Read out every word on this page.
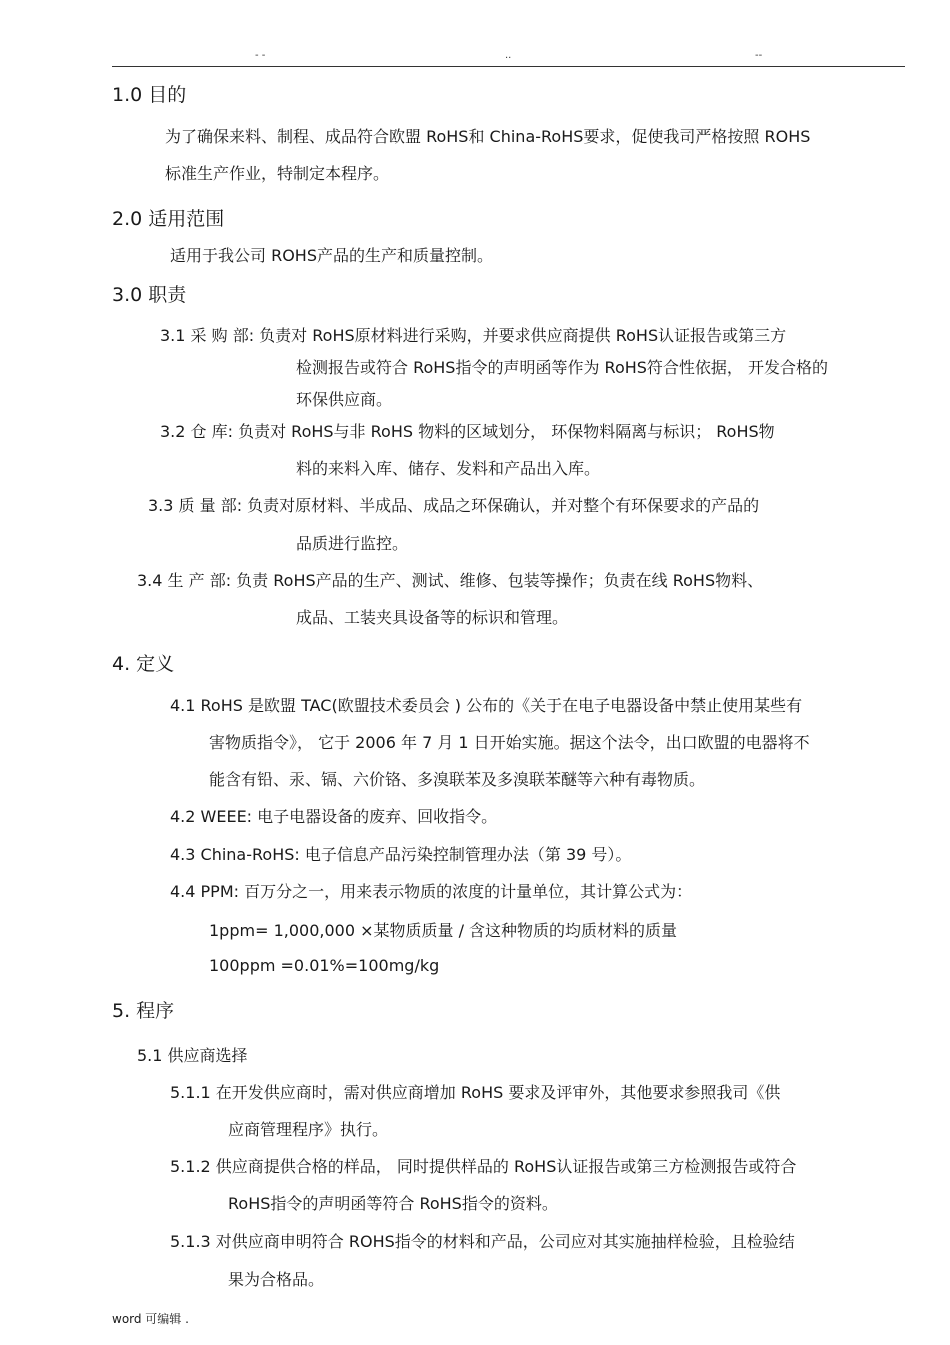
- -	..	--
1.0 目的
为了确保来料、制程、成品符合欧盟 RoHS和 China-RoHS要求，促使我司严格按照 ROHS
标准生产作业，特制定本程序。
2.0 适用范围
适用于我公司 ROHS产品的生产和质量控制。
3.0 职责
3.1 采 购 部: 负责对 RoHS原材料进行采购，并要求供应商提供 RoHS认证报告或第三方
检测报告或符合 RoHS指令的声明函等作为 RoHS符合性依据， 开发合格的
环保供应商。
3.2 仓 库: 负责对 RoHS与非 RoHS 物料的区域划分， 环保物料隔离与标识； RoHS物
料的来料入库、储存、发料和产品出入库。
3.3 质 量 部: 负责对原材料、半成品、成品之环保确认，并对整个有环保要求的产品的
品质进行监控。
3.4 生 产 部: 负责 RoHS产品的生产、测试、维修、包装等操作；负责在线 RoHS物料、
成品、工装夹具设备等的标识和管理。
4. 定义
4.1 RoHS 是欧盟 TAC(欧盟技术委员会 ) 公布的《关于在电子电器设备中禁止使用某些有
害物质指令》， 它于 2006 年 7 月 1 日开始实施。据这个法令，出口欧盟的电器将不
能含有铅、汞、镉、六价铬、多溴联苯及多溴联苯醚等六种有毒物质。
4.2 WEEE: 电子电器设备的废弃、回收指令。
4.3 China-RoHS: 电子信息产品污染控制管理办法（第 39 号）。
4.4 PPM: 百万分之一，用来表示物质的浓度的计量单位，其计算公式为：
1ppm= 1,000,000 ×某物质质量 / 含这种物质的均质材料的质量
100ppm =0.01%=100mg/kg
5. 程序
5.1 供应商选择
5.1.1 在开发供应商时，需对供应商增加 RoHS 要求及评审外，其他要求参照我司《供
应商管理程序》执行。
5.1.2 供应商提供合格的样品， 同时提供样品的 RoHS认证报告或第三方检测报告或符合
RoHS指令的声明函等符合 RoHS指令的资料。
5.1.3 对供应商申明符合 ROHS指令的材料和产品，公司应对其实施抽样检验，且检验结
果为合格品。
word 可编辑 .
